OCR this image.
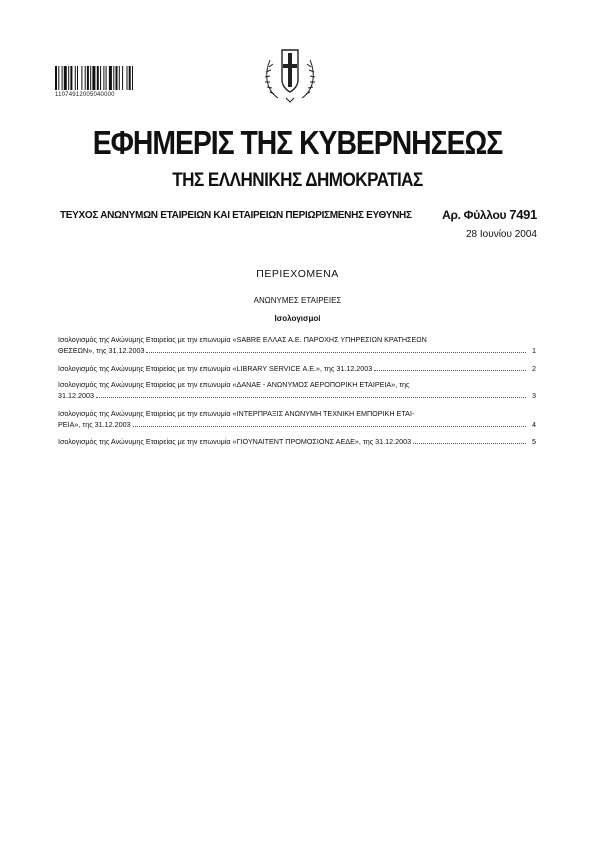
11074912005040000
ΕΦΗΜΕΡΙΣ ΤΗΣ ΚΥΒΕΡΝΗΣΕΩΣ
ΤΗΣ ΕΛΛΗΝΙΚΗΣ ΔΗΜΟΚΡΑΤΙΑΣ
ΤΕΥΧΟΣ ΑΝΩΝΥΜΩΝ ΕΤΑΙΡΕΙΩΝ ΚΑΙ ΕΤΑΙΡΕΙΩΝ ΠΕΡΙΩΡΙΣΜΕΝΗΣ ΕΥΘΥΝΗΣ	Αρ. Φύλλου 7491
28 Ιουνίου 2004
ΠΕΡΙΕΧΟΜΕΝΑ
ΑΝΩΝΥΜΕΣ ΕΤΑΙΡΕΙΕΣ
Ισολογισμοί
Ισολογισμός της Ανώνυμης Εταιρείας με την επωνυμία «SABRE ΕΛΛΑΣ Α.Ε. ΠΑΡΟΧΗΣ ΥΠΗΡΕΣΙΩΝ ΚΡΑΤΗΣΕΩΝ
ΘΕΣΕΩΝ», της 31.12.2003	1
Ισολογισμός της Ανώνυμης Εταιρείας με την επωνυμία «LIBRARY SERVICE Α.Ε.», της 31.12.2003	2
Ισολογισμός της Ανώνυμης Εταιρείας με την επωνυμία «ΔΑΝΑΕ - ΑΝΩΝΥΜΟΣ ΑΕΡΟΠΟΡΙΚΗ ΕΤΑΙΡΕΙΑ», της
31.12.2003	3
Ισολογισμός της Ανώνυμης Εταιρείας με την επωνυμία «ΙΝΤΕΡΠΡΑΞΙΣ ΑΝΩΝΥΜΗ ΤΕΧΝΙΚΗ ΕΜΠΟΡΙΚΗ ΕΤΑΙ-
ΡΕΙΑ», της 31.12.2003	4
Ισολογισμός της Ανώνυμης Εταιρείας με την επωνυμία «ΓΙΟΥΝΑΙΤΕΝΤ ΠΡΟΜΟΣΙΟΝΣ ΑΕΔΕ», της 31.12.2003	5
